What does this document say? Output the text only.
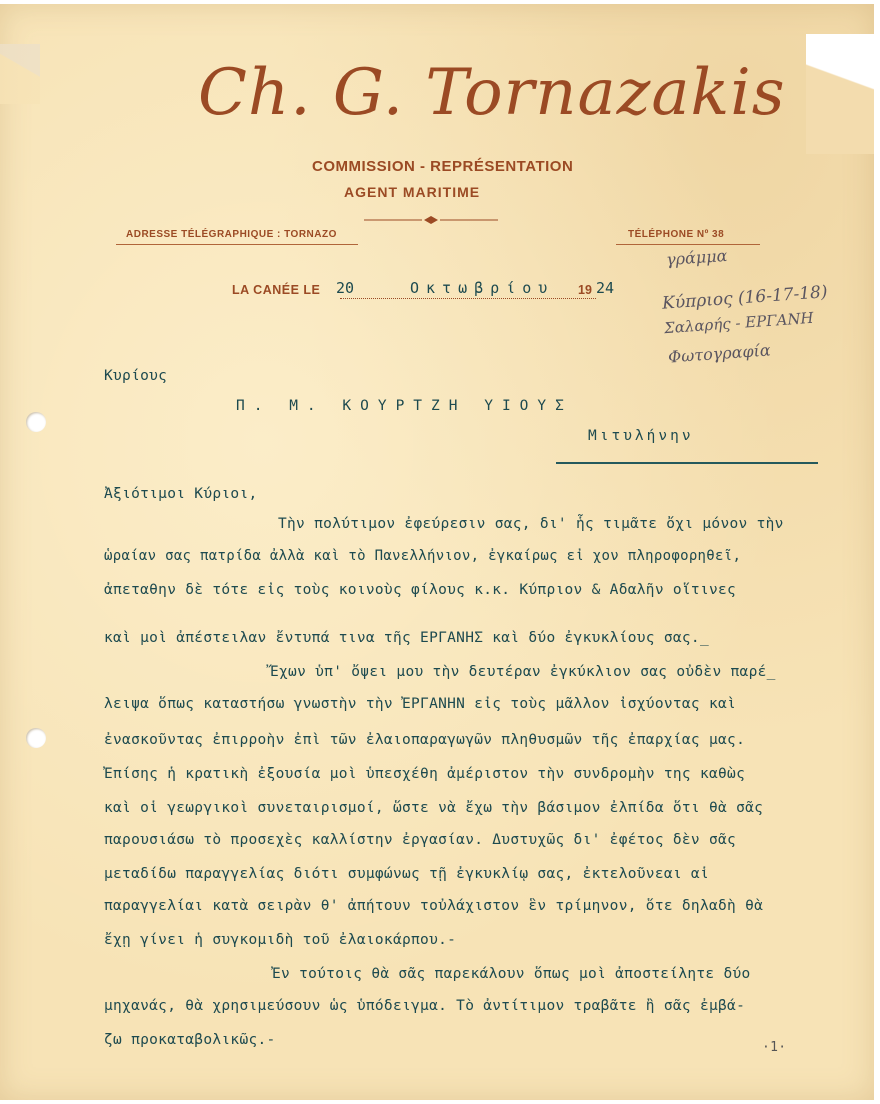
Ch. G. Tornazakis
COMMISSION - REPRÉSENTATION
AGENT MARITIME
ADRESSE TÉLÉGRAPHIQUE : TORNAZO	TÉLÉPHONE Nº 38
LA CANÉE LE 20	Οκτωβρίου 19 24
γράμμα
Κύπριος (16-17-18)
Σαλαρής - ΕΡΓΑΝΗ
Φωτογραφία
Κυρίους
Π. Μ. ΚΟΥΡΤΖΗ ΥΙΟΥΣ
Μιτυλήνην
Ἀξιότιμοι Κύριοι,
Τὴν πολύτιμον ἐφεύρεσιν σας, δι' ἧς τιμᾶτε ὄχι μόνον τὴν
ὡραίαν σας πατρίδα ἀλλὰ καὶ τὸ Πανελλήνιον, ἐγκαίρως εἰ χον πληροφορηθεῖ,
ἀπεταθην δὲ τότε εἰς τοὺς κοινοὺς φίλους κ.κ. Κύπριον & Αδαλῆν οἵτινες
καὶ μοὶ ἀπέστειλαν ἔντυπά τινα τῆς ΕΡΓΑΝΗΣ καὶ δύο ἐγκυκλίους σας._
Ἔχων ὑπ' ὄψει μου τὴν δευτέραν ἐγκύκλιον σας οὐδὲν παρέ_
λειψα ὅπως καταστήσω γνωστὴν τὴν ἘΡΓΑΝΗΝ εἰς τοὺς μᾶλλον ἰσχύοντας καὶ
ἐνασκοῦντας ἐπιρροὴν ἐπὶ τῶν ἐλαιοπαραγωγῶν πληθυσμῶν τῆς ἐπαρχίας μας.
Ἐπίσης ἡ κρατικὴ ἐξουσία μοὶ ὑπεσχέθη ἀμέριστον τὴν συνδρομὴν της καθὼς
καὶ οἱ γεωργικοὶ συνεταιρισμοί, ὥστε νὰ ἔχω τὴν βάσιμον ἐλπίδα ὅτι θὰ σᾶς
παρουσιάσω τὸ προσεχὲς καλλίστην ἐργασίαν. Δυστυχῶς δι' ἐφέτος δὲν σᾶς
μεταδίδω παραγγελίας διότι συμφώνως τῇ ἐγκυκλίῳ σας, ἐκτελοῦνεαι αἱ
παραγγελίαι κατὰ σειρὰν θ' ἀπήτουν τοὐλάχιστον ἓν τρίμηνον, ὅτε δηλαδὴ θὰ
ἔχῃ γίνει ἡ συγκομιδὴ τοῦ ἐλαιοκάρπου.-
Ἐν τούτοις θὰ σᾶς παρεκάλουν ὅπως μοὶ ἀποστείλητε δύο
μηχανάς, θὰ χρησιμεύσουν ὡς ὑπόδειγμα. Τὸ ἀντίτιμον τραβᾶτε ἢ σᾶς ἐμβά-
ζω προκαταβολικῶς.-	·1·
